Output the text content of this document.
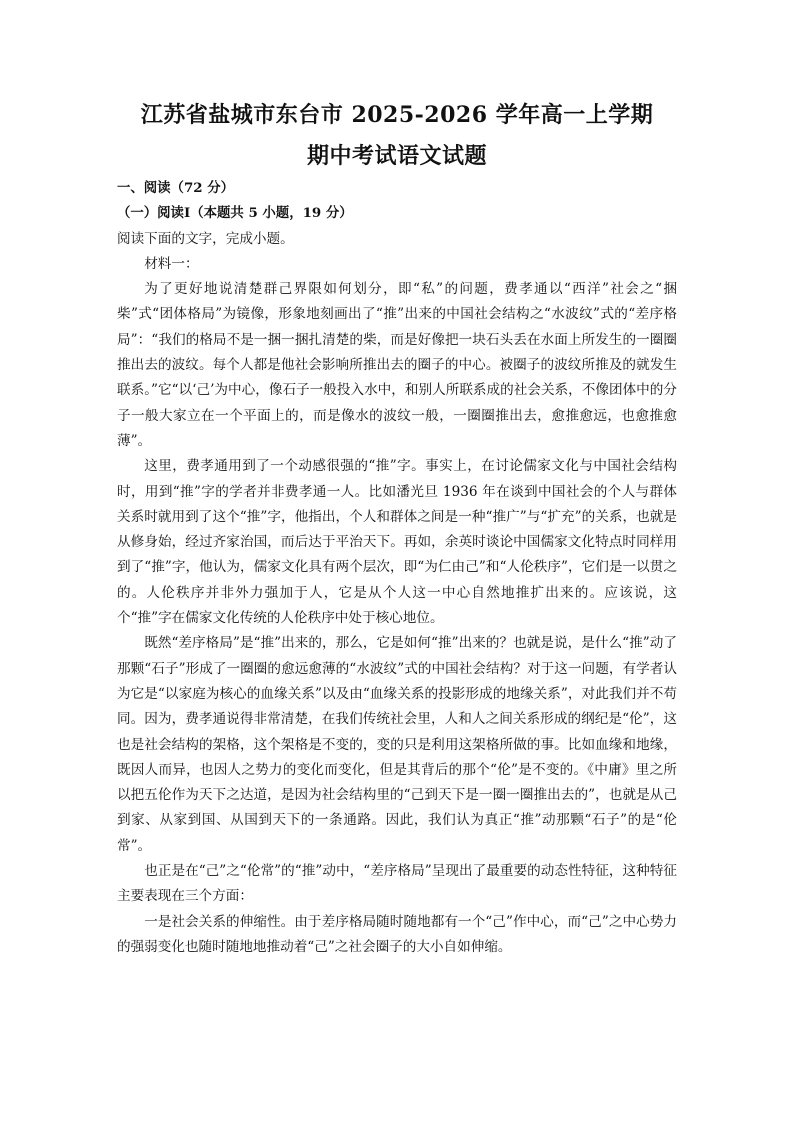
江苏省盐城市东台市 2025-2026 学年高一上学期
期中考试语文试题
一、阅读（72 分）
（一）阅读Ⅰ（本题共 5 小题，19 分）
阅读下面的文字，完成小题。

材料一：

为了更好地说清楚群己界限如何划分，即“私”的问题，费孝通以“西洋”社会之“捆柴”式“团体格局”为镜像，形象地刻画出了“推”出来的中国社会结构之“水波纹”式的“差序格局”：“我们的格局不是一捆一捆扎清楚的柴，而是好像把一块石头丢在水面上所发生的一圈圈推出去的波纹。每个人都是他社会影响所推出去的圈子的中心。被圈子的波纹所推及的就发生联系。”它“以‘己’为中心，像石子一般投入水中，和别人所联系成的社会关系，不像团体中的分子一般大家立在一个平面上的，而是像水的波纹一般，一圈圈推出去，愈推愈远，也愈推愈薄”。

这里，费孝通用到了一个动感很强的“推”字。事实上，在讨论儒家文化与中国社会结构时，用到“推”字的学者并非费孝通一人。比如潘光旦 1936 年在谈到中国社会的个人与群体关系时就用到了这个“推”字，他指出，个人和群体之间是一种“推广”与“扩充”的关系，也就是从修身始，经过齐家治国，而后达于平治天下。再如，余英时谈论中国儒家文化特点时同样用到了“推”字，他认为，儒家文化具有两个层次，即“为仁由己”和“人伦秩序”，它们是一以贯之的。人伦秩序并非外力强加于人，它是从个人这一中心自然地推扩出来的。应该说，这个“推”字在儒家文化传统的人伦秩序中处于核心地位。

既然“差序格局”是“推”出来的，那么，它是如何“推”出来的？也就是说，是什么“推”动了那颗“石子”形成了一圈圈的愈远愈薄的“水波纹”式的中国社会结构？对于这一问题，有学者认为它是“以家庭为核心的血缘关系”以及由“血缘关系的投影形成的地缘关系”，对此我们并不苟同。因为，费孝通说得非常清楚，在我们传统社会里，人和人之间关系形成的纲纪是“伦”，这也是社会结构的架格，这个架格是不变的，变的只是利用这架格所做的事。比如血缘和地缘，既因人而异，也因人之势力的变化而变化，但是其背后的那个“伦”是不变的。《中庸》里之所以把五伦作为天下之达道，是因为社会结构里的“己到天下是一圈一圈推出去的”，也就是从己到家、从家到国、从国到天下的一条通路。因此，我们认为真正“推”动那颗“石子”的是“伦常”。

也正是在“己”之“伦常”的“推”动中，“差序格局”呈现出了最重要的动态性特征，这种特征主要表现在三个方面：

一是社会关系的伸缩性。由于差序格局随时随地都有一个“己”作中心，而“己”之中心势力的强弱变化也随时随地地推动着“己”之社会圈子的大小自如伸缩。
